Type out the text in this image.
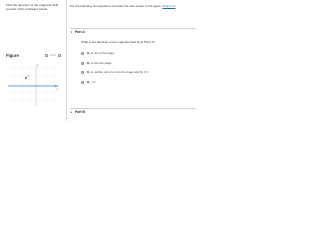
Find the direction of the magnetic field at each of the indicated points.
Figure	‹	1 of 1	›
1
x
y
For the following two questions consider the wire shown in the figure. (Figure 1)
▾ Part A
What is the direction of the magnetic field B₁ at Point 1?
$B_1$ is out of the page.
$B_1$ is into the page.
$B_1$ is neither out of or into the page and B₁ ≠ 0.
$B_1 = 0$.
▸ Part B
